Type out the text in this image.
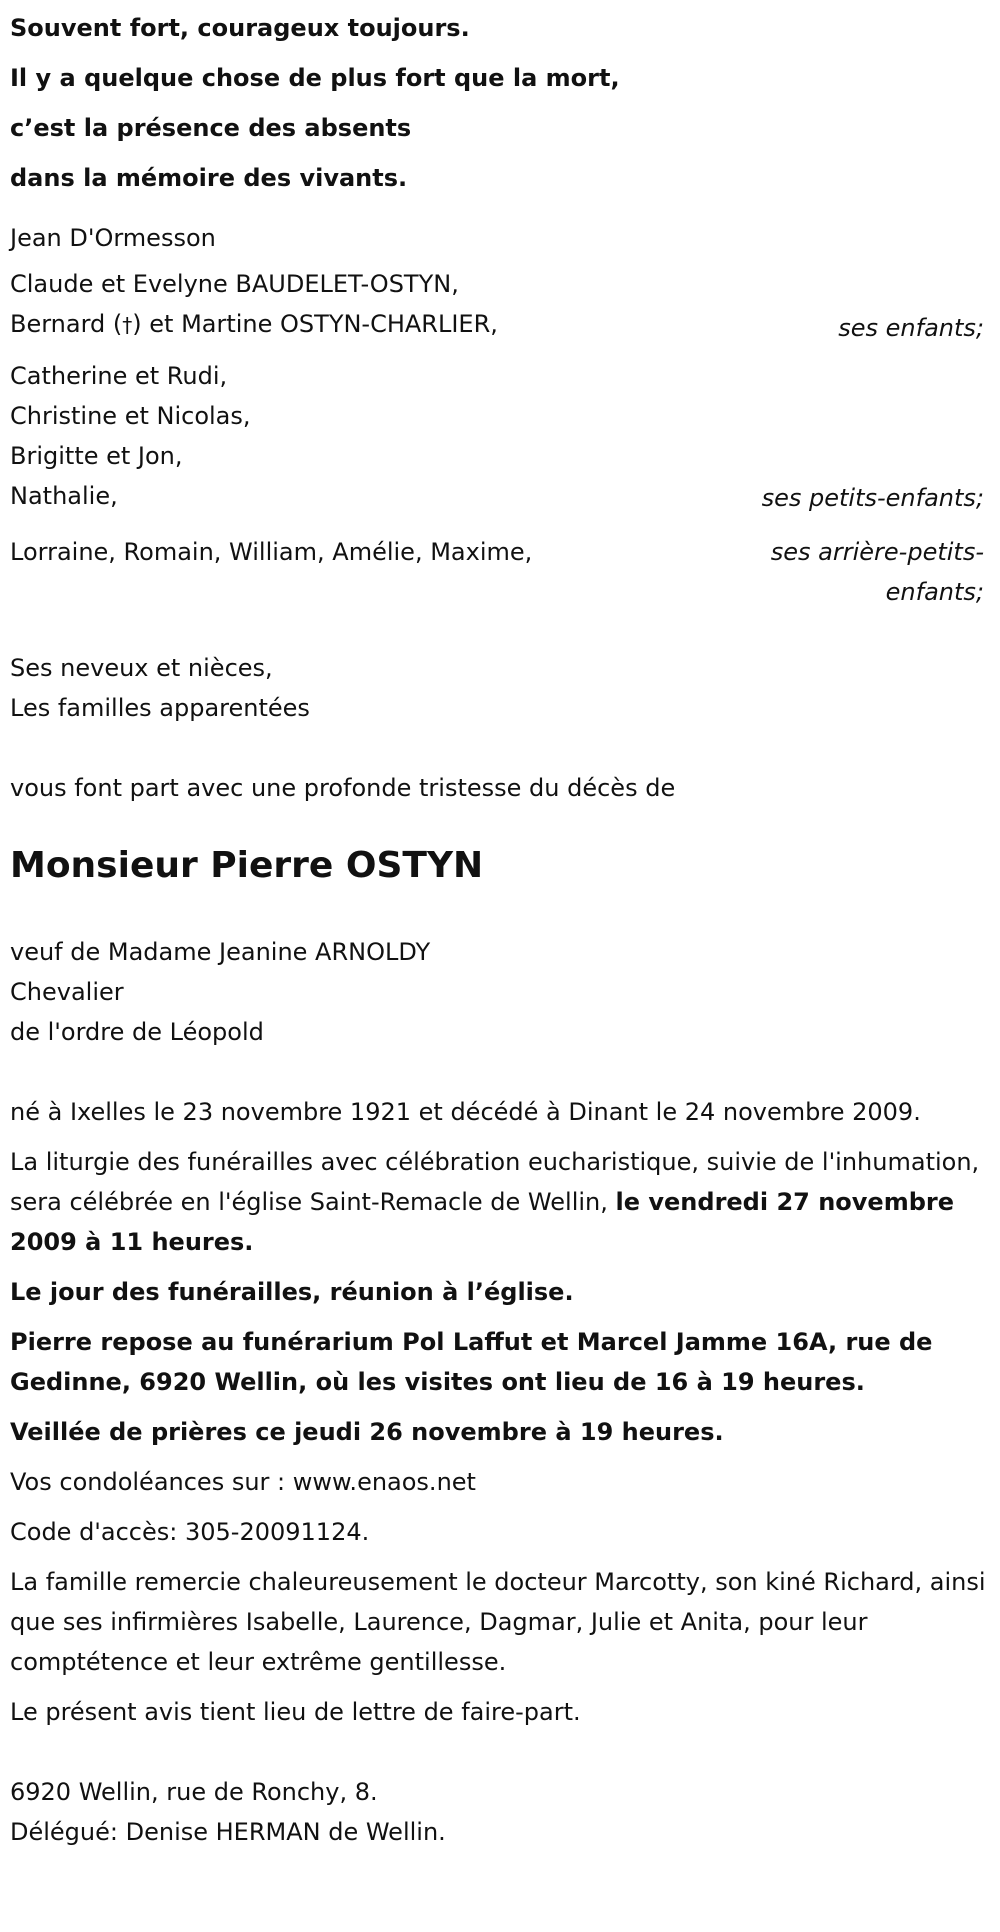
Souvent fort, courageux toujours.

Il y a quelque chose de plus fort que la mort,

c’est la présence des absents

dans la mémoire des vivants.

Jean D'Ormesson
Claude et Evelyne BAUDELET-OSTYN,
Bernard (†) et Martine OSTYN-CHARLIER,	ses enfants;
Catherine et Rudi,
Christine et Nicolas,
Brigitte et Jon,
Nathalie,	ses petits-enfants;
Lorraine, Romain, William, Amélie, Maxime,
	ses arrière-petits-
enfants;
Ses neveux et nièces,
Les familles apparentées
vous font part avec une profonde tristesse du décès de
Monsieur Pierre OSTYN
veuf de Madame Jeanine ARNOLDY
Chevalier
de l'ordre de Léopold

né à Ixelles le 23 novembre 1921 et décédé à Dinant le 24 novembre 2009.

La liturgie des funérailles avec célébration eucharistique, suivie de l'inhumation, sera célébrée en l'église Saint-Remacle de Wellin, le vendredi 27 novembre 2009 à 11 heures.

Le jour des funérailles, réunion à l’église.

Pierre repose au funérarium Pol Laffut et Marcel Jamme 16A, rue de Gedinne, 6920 Wellin, où les visites ont lieu de 16 à 19 heures.

Veillée de prières ce jeudi 26 novembre à 19 heures.

Vos condoléances sur : www.enaos.net

Code d'accès: 305-20091124.

La famille remercie chaleureusement le docteur Marcotty, son kiné Richard, ainsi que ses infirmières Isabelle, Laurence, Dagmar, Julie et Anita, pour leur comptétence et leur extrême gentillesse.

Le présent avis tient lieu de lettre de faire-part.

6920 Wellin, rue de Ronchy, 8.
Délégué: Denise HERMAN de Wellin.
